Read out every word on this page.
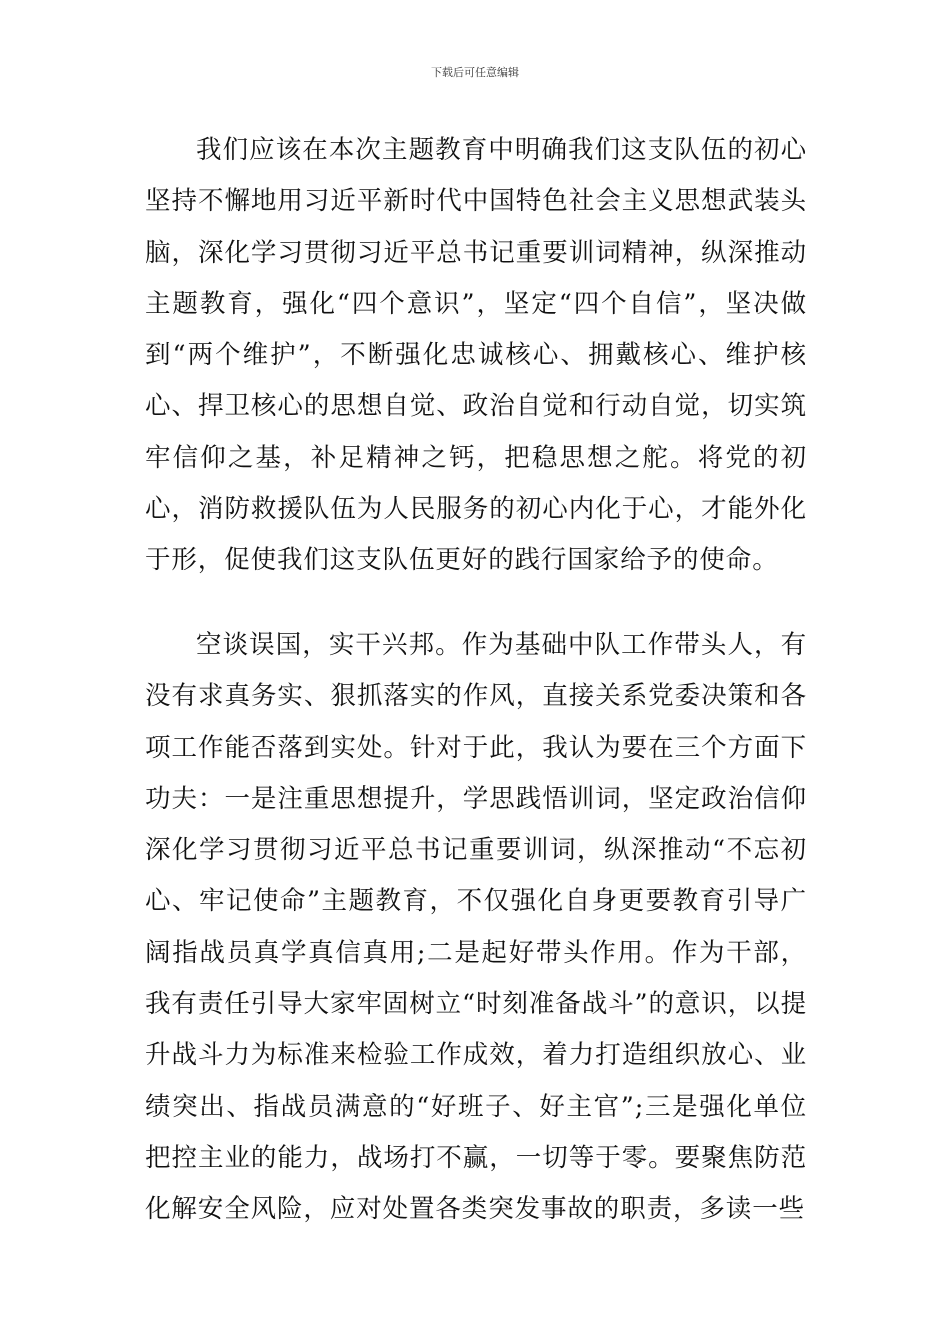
下载后可任意编辑

我们应该在本次主题教育中明确我们这支队伍的初心坚持不懈地用习近平新时代中国特色社会主义思想武装头脑，深化学习贯彻习近平总书记重要训词精神，纵深推动主题教育，强化“四个意识”，坚定“四个自信”，坚决做到“两个维护”，不断强化忠诚核心、拥戴核心、维护核心、捍卫核心的思想自觉、政治自觉和行动自觉，切实筑牢信仰之基，补足精神之钙，把稳思想之舵。将党的初心，消防救援队伍为人民服务的初心内化于心，才能外化于形，促使我们这支队伍更好的践行国家给予的使命。

空谈误国，实干兴邦。作为基础中队工作带头人，有没有求真务实、狠抓落实的作风，直接关系党委决策和各项工作能否落到实处。针对于此，我认为要在三个方面下功夫：一是注重思想提升，学思践悟训词，坚定政治信仰深化学习贯彻习近平总书记重要训词，纵深推动“不忘初心、牢记使命”主题教育，不仅强化自身更要教育引导广阔指战员真学真信真用;二是起好带头作用。作为干部，我有责任引导大家牢固树立“时刻准备战斗”的意识，以提升战斗力为标准来检验工作成效，着力打造组织放心、业绩突出、指战员满意的“好班子、好主官”;三是强化单位把控主业的能力，战场打不赢，一切等于零。要聚焦防范化解安全风险，应对处置各类突发事故的职责，多读一些
